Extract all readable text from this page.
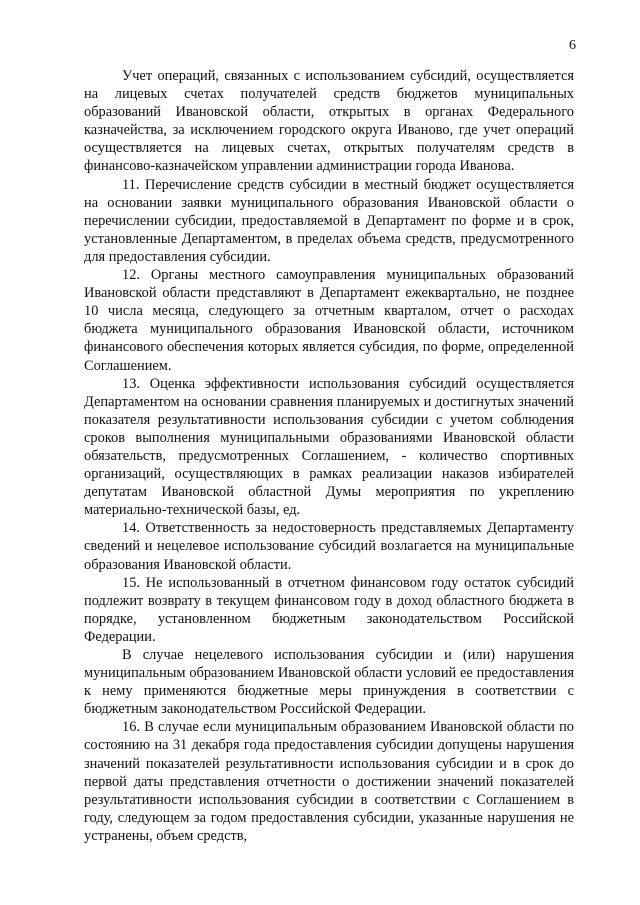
6

Учет операций, связанных с использованием субсидий, осуществляется на лицевых счетах получателей средств бюджетов муниципальных образований Ивановской области, открытых в органах Федерального казначейства, за исключением городского округа Иваново, где учет операций осуществляется на лицевых счетах, открытых получателям средств в финансово-казначейском управлении администрации города Иванова.

11. Перечисление средств субсидии в местный бюджет осуществляется на основании заявки муниципального образования Ивановской области о перечислении субсидии, предоставляемой в Департамент по форме и в срок, установленные Департаментом, в пределах объема средств, предусмотренного для предоставления субсидии.

12. Органы местного самоуправления муниципальных образований Ивановской области представляют в Департамент ежеквартально, не позднее 10 числа месяца, следующего за отчетным кварталом, отчет о расходах бюджета муниципального образования Ивановской области, источником финансового обеспечения которых является субсидия, по форме, определенной Соглашением.

13. Оценка эффективности использования субсидий осуществляется Департаментом на основании сравнения планируемых и достигнутых значений показателя результативности использования субсидии с учетом соблюдения сроков выполнения муниципальными образованиями Ивановской области обязательств, предусмотренных Соглашением, - количество спортивных организаций, осуществляющих в рамках реализации наказов избирателей депутатам Ивановской областной Думы мероприятия по укреплению материально-технической базы, ед.

14. Ответственность за недостоверность представляемых Департаменту сведений и нецелевое использование субсидий возлагается на муниципальные образования Ивановской области.

15. Не использованный в отчетном финансовом году остаток субсидий подлежит возврату в текущем финансовом году в доход областного бюджета в порядке, установленном бюджетным законодательством Российской Федерации.

В случае нецелевого использования субсидии и (или) нарушения муниципальным образованием Ивановской области условий ее предоставления к нему применяются бюджетные меры принуждения в соответствии с бюджетным законодательством Российской Федерации.

16. В случае если муниципальным образованием Ивановской области по состоянию на 31 декабря года предоставления субсидии допущены нарушения значений показателей результативности использования субсидии и в срок до первой даты представления отчетности о достижении значений показателей результативности использования субсидии в соответствии с Соглашением в году, следующем за годом предоставления субсидии, указанные нарушения не устранены, объем средств,
